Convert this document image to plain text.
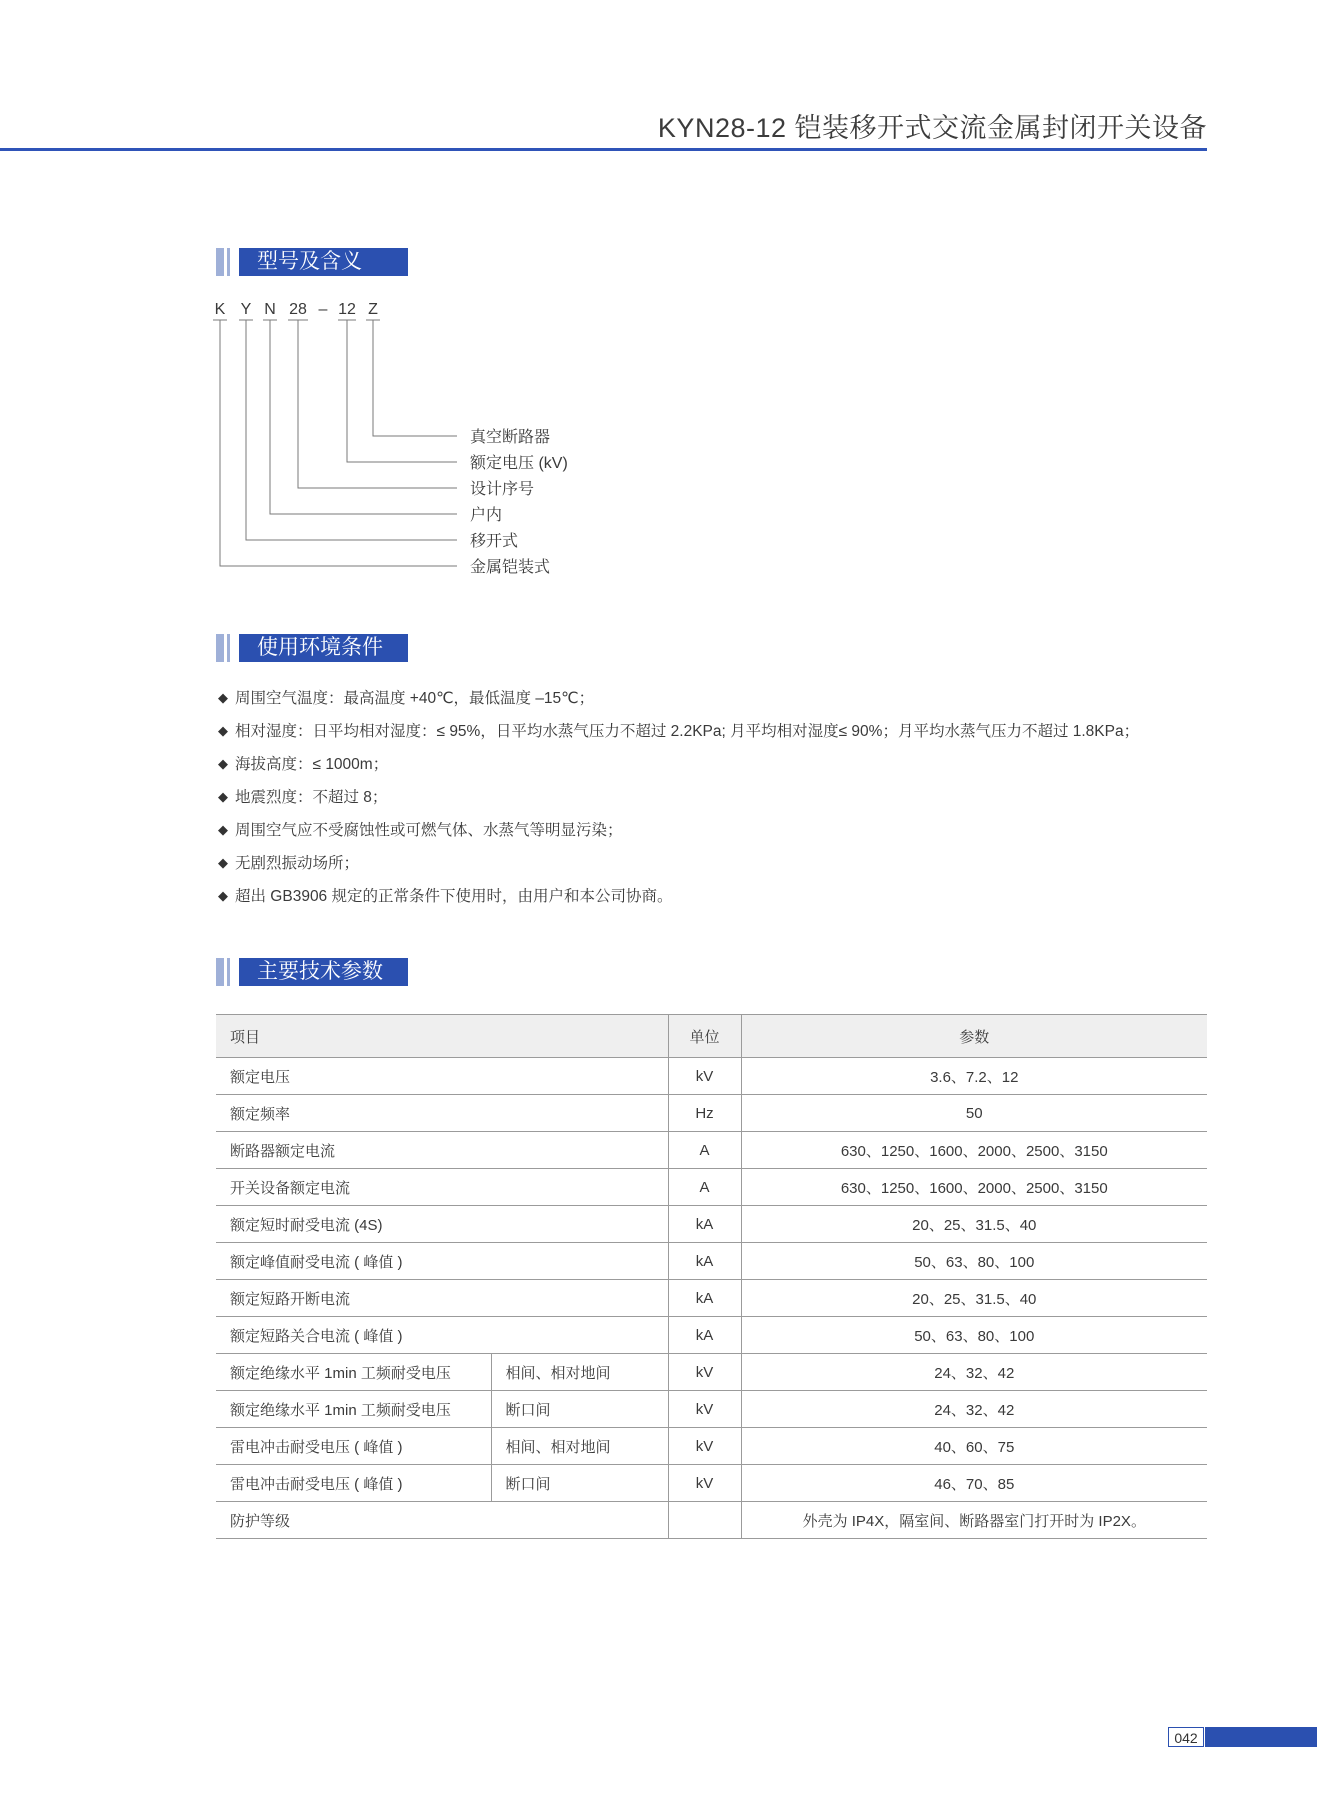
KYN28-12 铠装移开式交流金属封闭开关设备
型号及含义
K Y N 28 – 12 Z
真空断路器
额定电压 (kV)
设计序号
户内
移开式
金属铠装式
使用环境条件
◆ 周围空气温度：最高温度 +40℃，最低温度 –15℃；
◆ 相对湿度：日平均相对湿度：≤ 95%，日平均水蒸气压力不超过 2.2KPa; 月平均相对湿度≤ 90%；月平均水蒸气压力不超过 1.8KPa；
◆ 海拔高度：≤ 1000m；
◆ 地震烈度：不超过 8；
◆ 周围空气应不受腐蚀性或可燃气体、水蒸气等明显污染；
◆ 无剧烈振动场所；
◆ 超出 GB3906 规定的正常条件下使用时，由用户和本公司协商。
主要技术参数
项目		单位	参数
额定电压		kV	3.6、7.2、12
额定频率		Hz	50
断路器额定电流		A	630、1250、1600、2000、2500、3150
开关设备额定电流		A	630、1250、1600、2000、2500、3150
额定短时耐受电流 (4S)		kA	20、25、31.5、40
额定峰值耐受电流 ( 峰值 )		kA	50、63、80、100
额定短路开断电流		kA	20、25、31.5、40
额定短路关合电流 ( 峰值 )		kA	50、63、80、100
额定绝缘水平 1min 工频耐受电压	相间、相对地间	kV	24、32、42
额定绝缘水平 1min 工频耐受电压	断口间	kV	24、32、42
雷电冲击耐受电压 ( 峰值 )	相间、相对地间	kV	40、60、75
雷电冲击耐受电压 ( 峰值 )	断口间	kV	46、70、85
防护等级			外壳为 IP4X，隔室间、断路器室门打开时为 IP2X。
042
